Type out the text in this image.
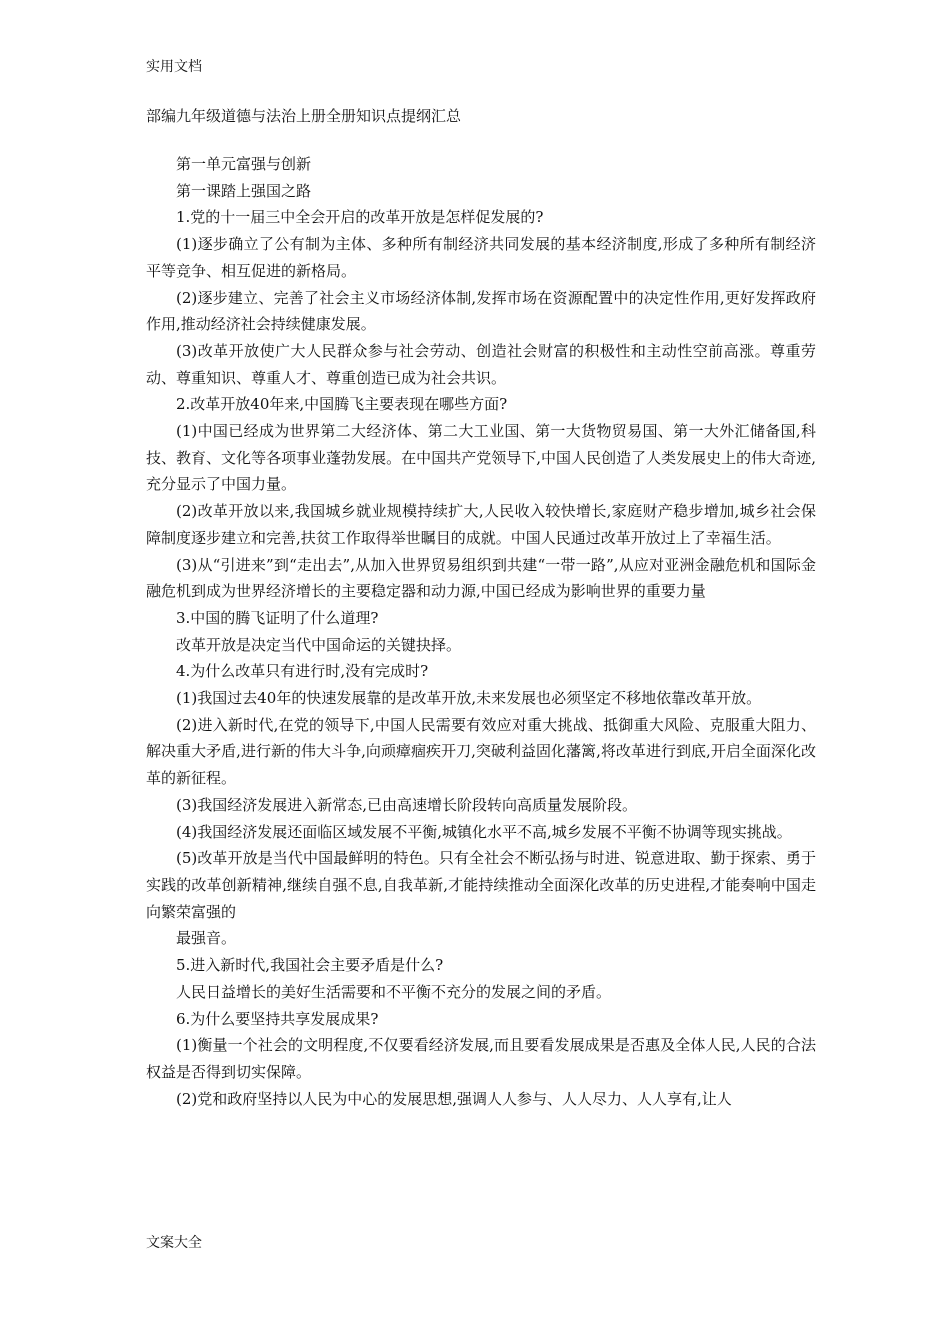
实用文档
部编九年级道德与法治上册全册知识点提纲汇总

第一单元富强与创新

第一课踏上强国之路

1.党的十一届三中全会开启的改革开放是怎样促发展的?

(1)逐步确立了公有制为主体、多种所有制经济共同发展的基本经济制度,形成了多种所有制经济平等竞争、相互促进的新格局。

(2)逐步建立、完善了社会主义市场经济体制,发挥市场在资源配置中的决定性作用,更好发挥政府作用,推动经济社会持续健康发展。

(3)改革开放使广大人民群众参与社会劳动、创造社会财富的积极性和主动性空前高涨。尊重劳动、尊重知识、尊重人才、尊重创造已成为社会共识。

2.改革开放40年来,中国腾飞主要表现在哪些方面?

(1)中国已经成为世界第二大经济体、第二大工业国、第一大货物贸易国、第一大外汇储备国,科技、教育、文化等各项事业蓬勃发展。在中国共产党领导下,中国人民创造了人类发展史上的伟大奇迹,充分显示了中国力量。

(2)改革开放以来,我国城乡就业规模持续扩大,人民收入较快增长,家庭财产稳步增加,城乡社会保障制度逐步建立和完善,扶贫工作取得举世瞩目的成就。中国人民通过改革开放过上了幸福生活。

(3)从“引进来”到“走出去”,从加入世界贸易组织到共建“一带一路”,从应对亚洲金融危机和国际金融危机到成为世界经济增长的主要稳定器和动力源,中国已经成为影响世界的重要力量

3.中国的腾飞证明了什么道理?

改革开放是决定当代中国命运的关键抉择。

4.为什么改革只有进行时,没有完成时?

(1)我国过去40年的快速发展靠的是改革开放,未来发展也必须坚定不移地依靠改革开放。

(2)进入新时代,在党的领导下,中国人民需要有效应对重大挑战、抵御重大风险、克服重大阻力、解决重大矛盾,进行新的伟大斗争,向顽瘴痼疾开刀,突破利益固化藩篱,将改革进行到底,开启全面深化改革的新征程。

(3)我国经济发展进入新常态,已由高速增长阶段转向高质量发展阶段。

(4)我国经济发展还面临区域发展不平衡,城镇化水平不高,城乡发展不平衡不协调等现实挑战。

(5)改革开放是当代中国最鲜明的特色。只有全社会不断弘扬与时进、锐意进取、勤于探索、勇于实践的改革创新精神,继续自强不息,自我革新,才能持续推动全面深化改革的历史进程,才能奏响中国走向繁荣富强的

最强音。

5.进入新时代,我国社会主要矛盾是什么?

人民日益增长的美好生活需要和不平衡不充分的发展之间的矛盾。

6.为什么要坚持共享发展成果?

(1)衡量一个社会的文明程度,不仅要看经济发展,而且要看发展成果是否惠及全体人民,人民的合法权益是否得到切实保障。

(2)党和政府坚持以人民为中心的发展思想,强调人人参与、人人尽力、人人享有,让人

文案大全
